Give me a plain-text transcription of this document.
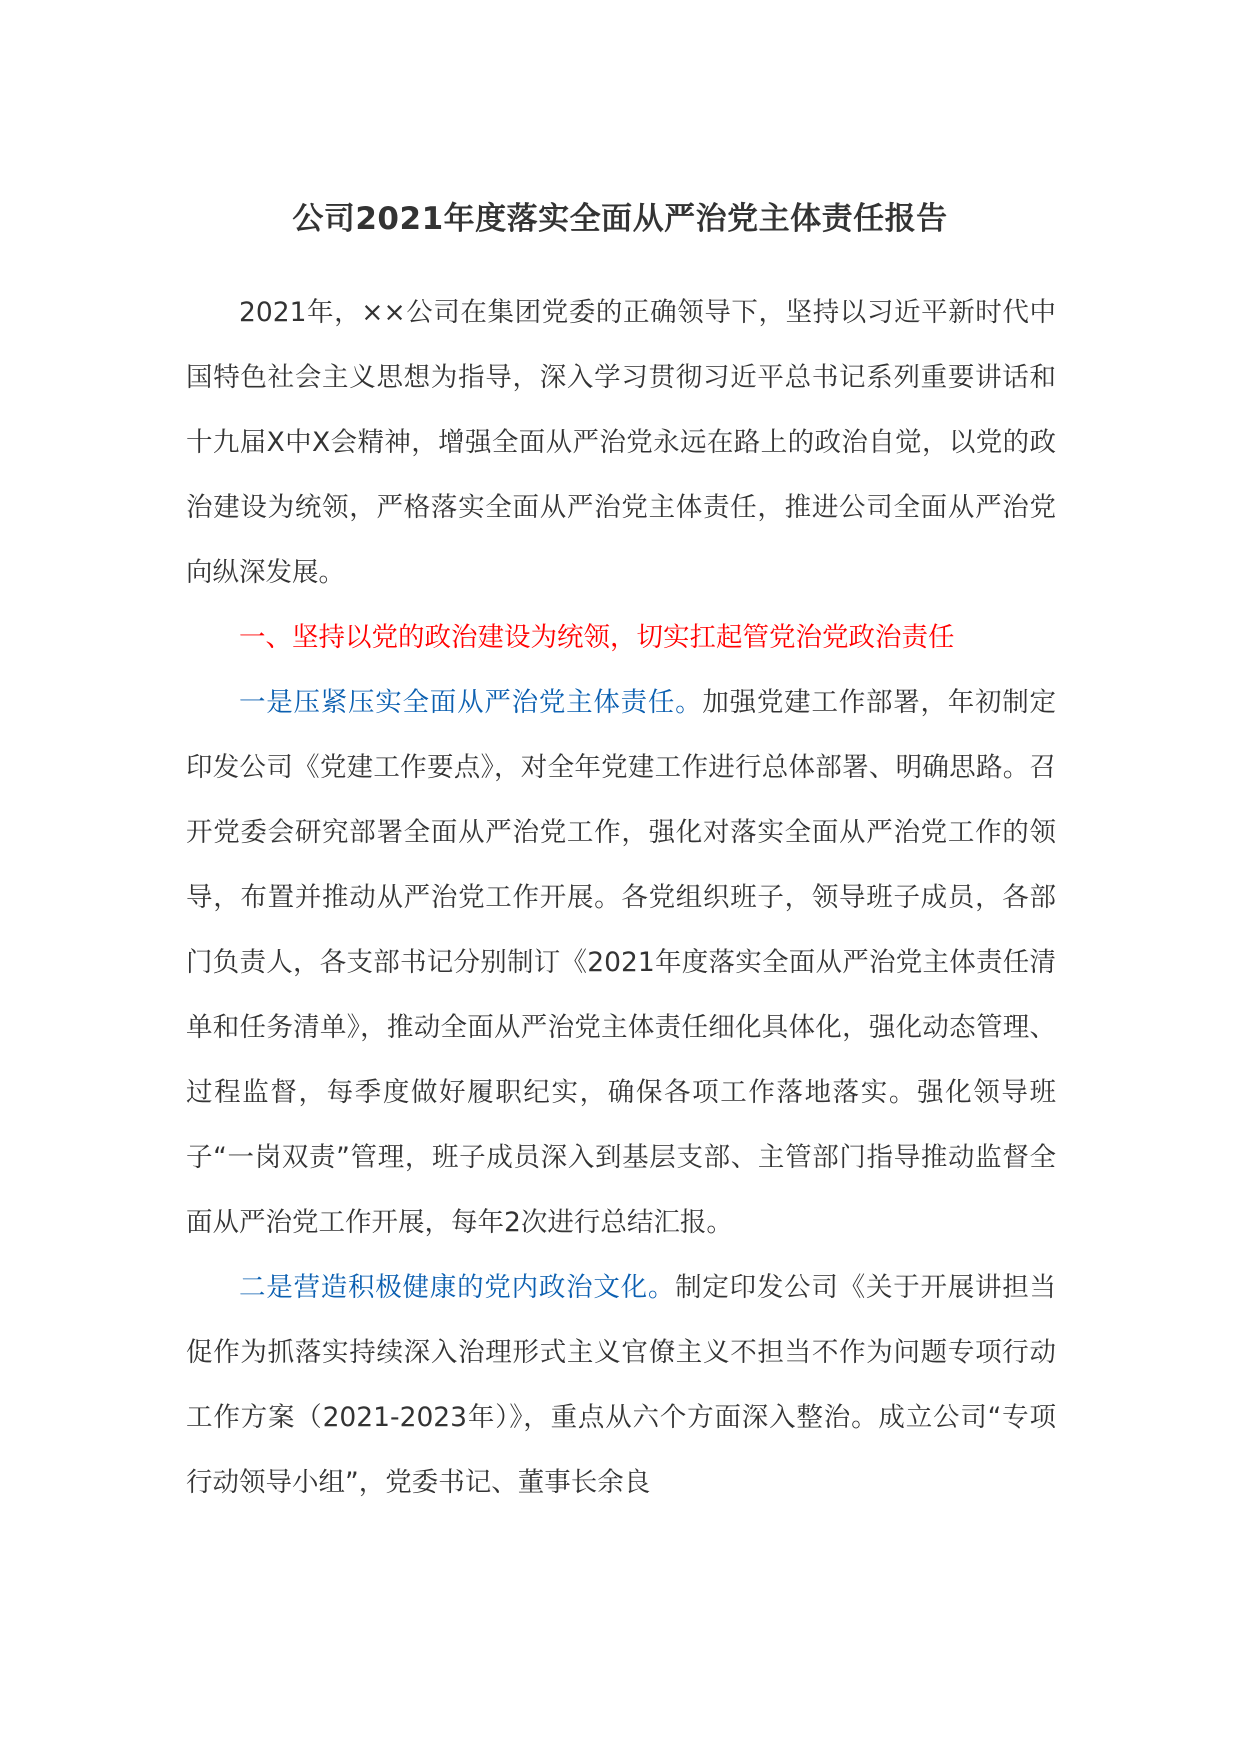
公司2021年度落实全面从严治党主体责任报告

2021年，××公司在集团党委的正确领导下，坚持以习近平新时代中国特色社会主义思想为指导，深入学习贯彻习近平总书记系列重要讲话和十九届X中X会精神，增强全面从严治党永远在路上的政治自觉，以党的政治建设为统领，严格落实全面从严治党主体责任，推进公司全面从严治党向纵深发展。

一、坚持以党的政治建设为统领，切实扛起管党治党政治责任

一是压紧压实全面从严治党主体责任。加强党建工作部署，年初制定印发公司《党建工作要点》，对全年党建工作进行总体部署、明确思路。召开党委会研究部署全面从严治党工作，强化对落实全面从严治党工作的领导，布置并推动从严治党工作开展。各党组织班子，领导班子成员，各部门负责人，各支部书记分别制订《2021年度落实全面从严治党主体责任清单和任务清单》，推动全面从严治党主体责任细化具体化，强化动态管理、过程监督，每季度做好履职纪实，确保各项工作落地落实。强化领导班子“一岗双责”管理，班子成员深入到基层支部、主管部门指导推动监督全面从严治党工作开展，每年2次进行总结汇报。

二是营造积极健康的党内政治文化。制定印发公司《关于开展讲担当促作为抓落实持续深入治理形式主义官僚主义不担当不作为问题专项行动工作方案（2021-2023年）》，重点从六个方面深入整治。成立公司“专项行动领导小组”，党委书记、董事长余良
